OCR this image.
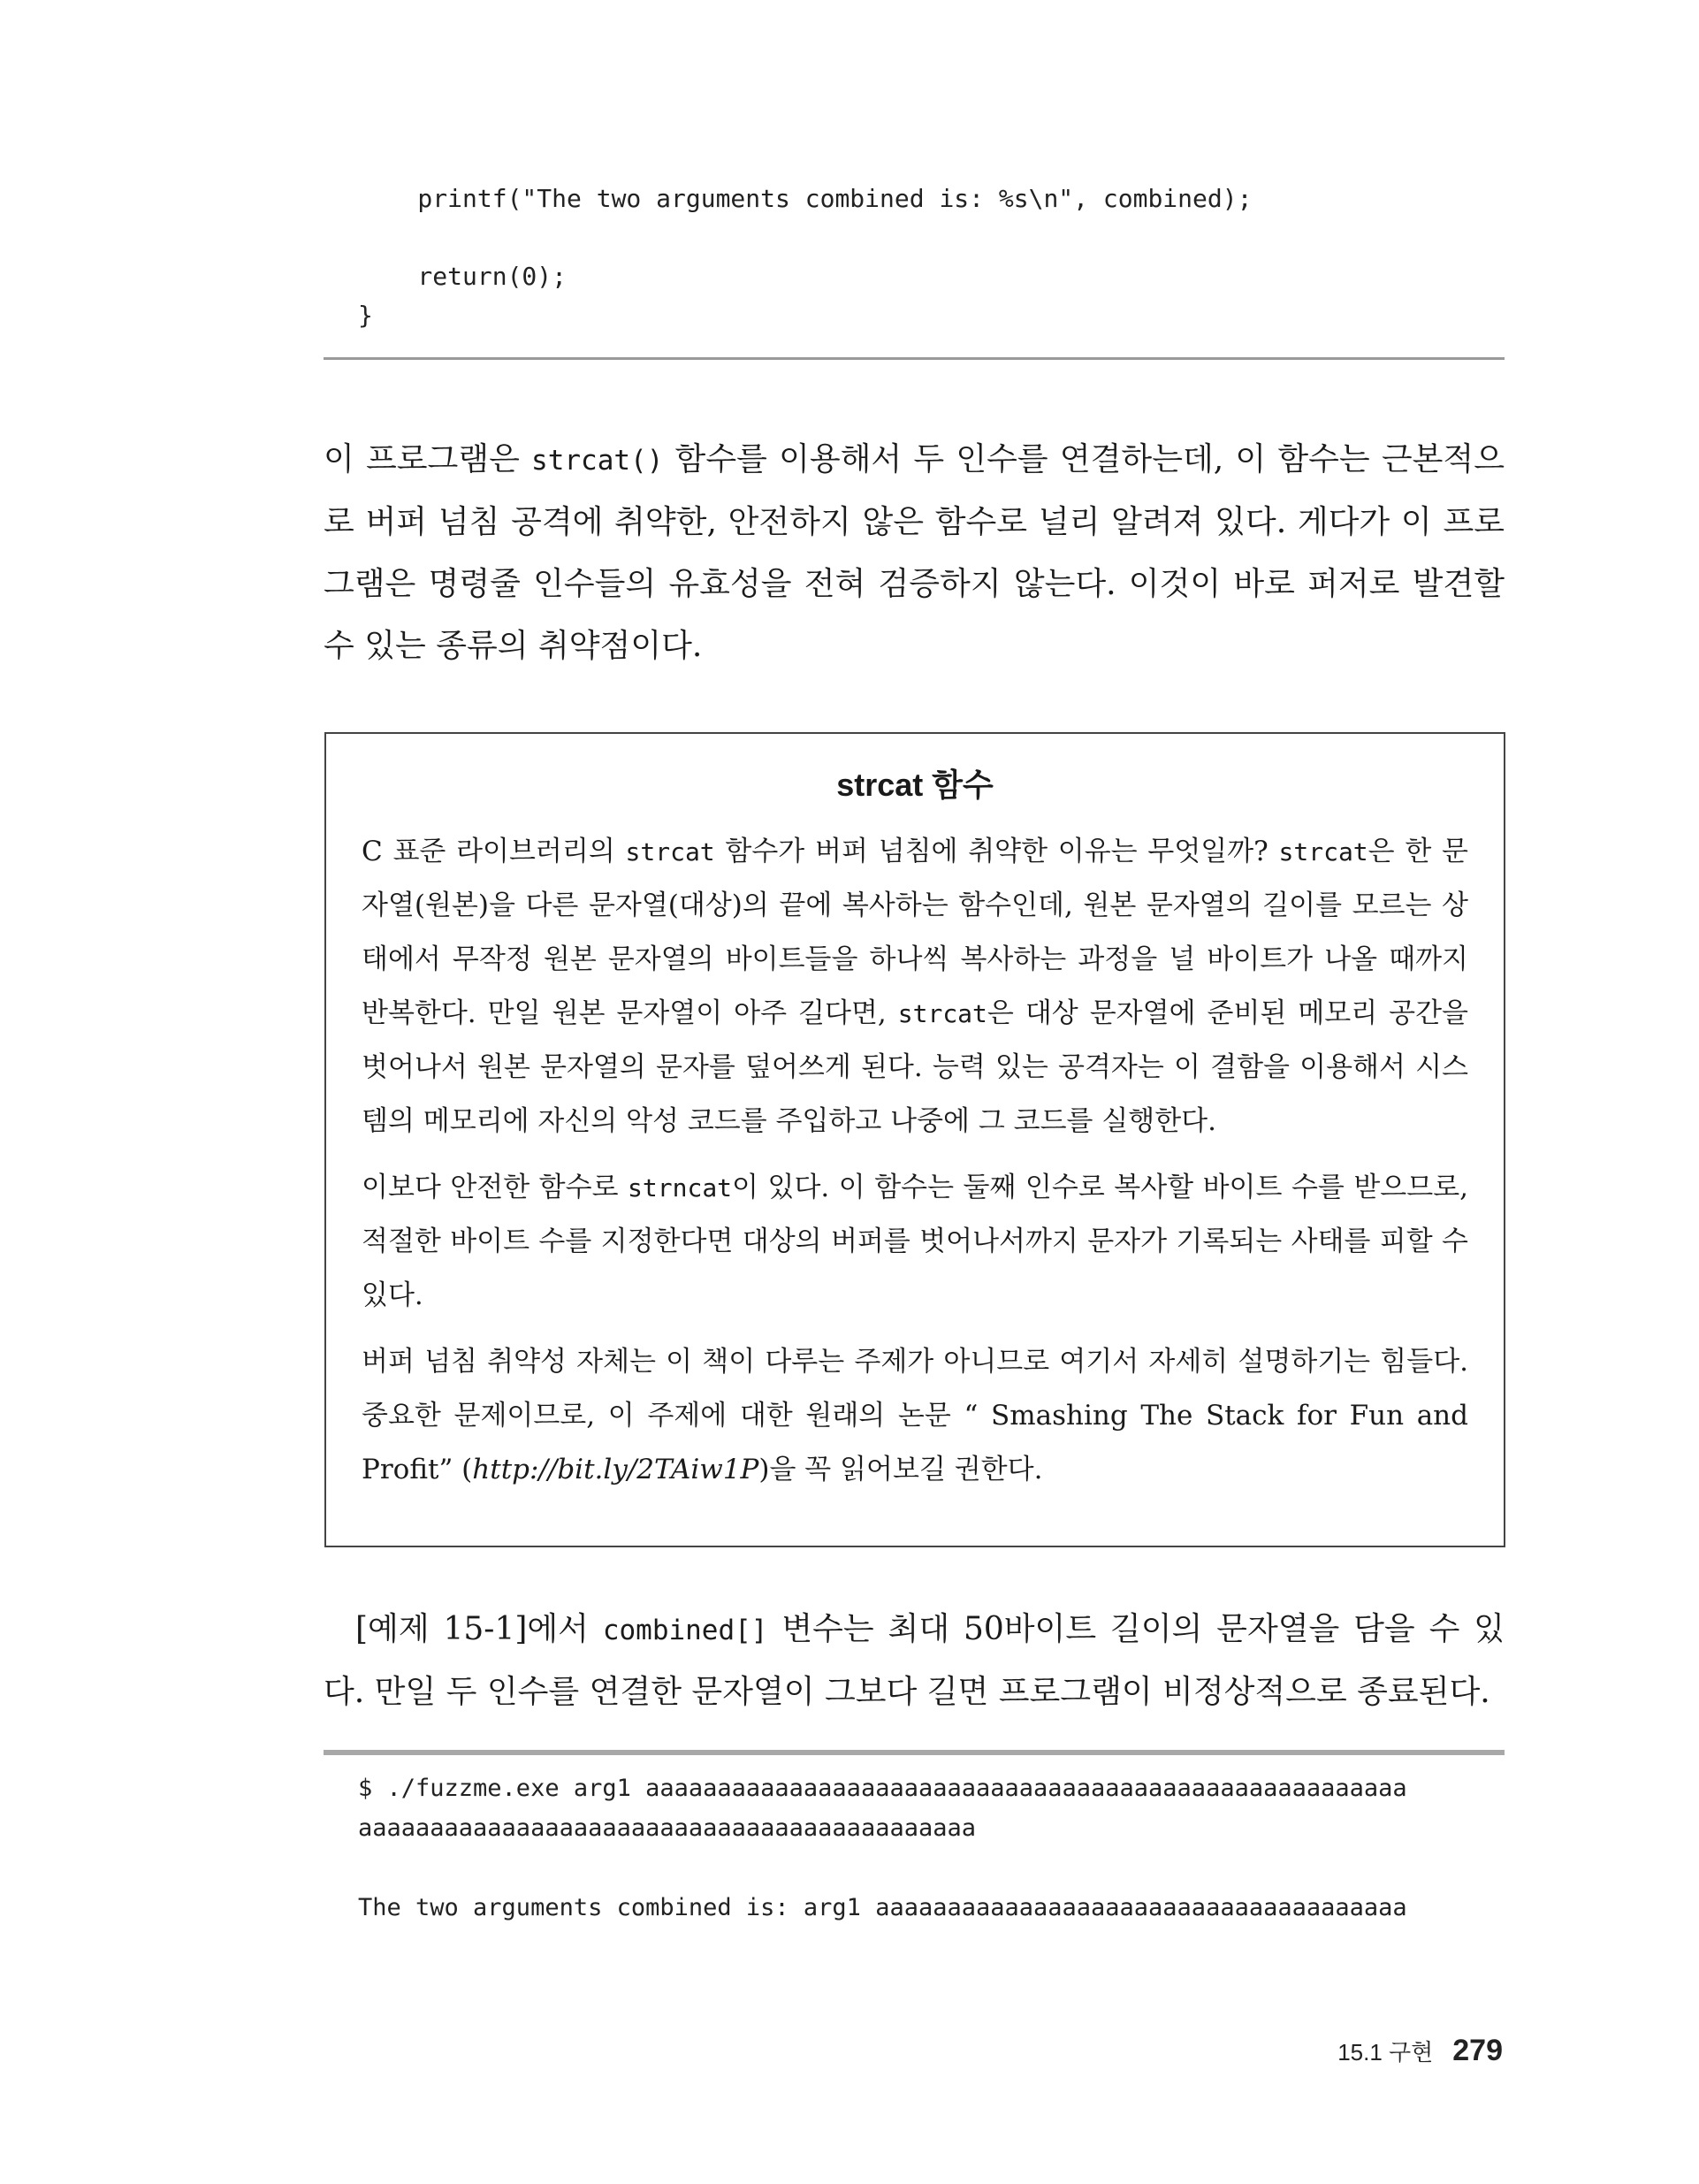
printf("The two arguments combined is: %s\n", combined);

return(0);
}

이 프로그램은 strcat() 함수를 이용해서 두 인수를 연결하는데, 이 함수는 근본적으로 버퍼 넘침 공격에 취약한, 안전하지 않은 함수로 널리 알려져 있다. 게다가 이 프로그램은 명령줄 인수들의 유효성을 전혀 검증하지 않는다. 이것이 바로 퍼저로 발견할 수 있는 종류의 취약점이다.

strcat 함수

C 표준 라이브러리의 strcat 함수가 버퍼 넘침에 취약한 이유는 무엇일까? strcat은 한 문자열(원본)을 다른 문자열(대상)의 끝에 복사하는 함수인데, 원본 문자열의 길이를 모르는 상태에서 무작정 원본 문자열의 바이트들을 하나씩 복사하는 과정을 널 바이트가 나올 때까지 반복한다. 만일 원본 문자열이 아주 길다면, strcat은 대상 문자열에 준비된 메모리 공간을 벗어나서 원본 문자열의 문자를 덮어쓰게 된다. 능력 있는 공격자는 이 결함을 이용해서 시스템의 메모리에 자신의 악성 코드를 주입하고 나중에 그 코드를 실행한다.

이보다 안전한 함수로 strncat이 있다. 이 함수는 둘째 인수로 복사할 바이트 수를 받으므로, 적절한 바이트 수를 지정한다면 대상의 버퍼를 벗어나서까지 문자가 기록되는 사태를 피할 수 있다.

버퍼 넘침 취약성 자체는 이 책이 다루는 주제가 아니므로 여기서 자세히 설명하기는 힘들다. 중요한 문제이므로, 이 주제에 대한 원래의 논문 “ Smashing The Stack for Fun and Profit” (http://bit.ly/2TAiw1P)을 꼭 읽어보길 권한다.

[예제 15-1]에서 combined[] 변수는 최대 50바이트 길이의 문자열을 담을 수 있다. 만일 두 인수를 연결한 문자열이 그보다 길면 프로그램이 비정상적으로 종료된다.

$ ./fuzzme.exe arg1 aaaaaaaaaaaaaaaaaaaaaaaaaaaaaaaaaaaaaaaaaaaaaaaaaaaaa
aaaaaaaaaaaaaaaaaaaaaaaaaaaaaaaaaaaaaaaaaaa

The two arguments combined is: arg1 aaaaaaaaaaaaaaaaaaaaaaaaaaaaaaaaaaaaa
15.1 구현 279
